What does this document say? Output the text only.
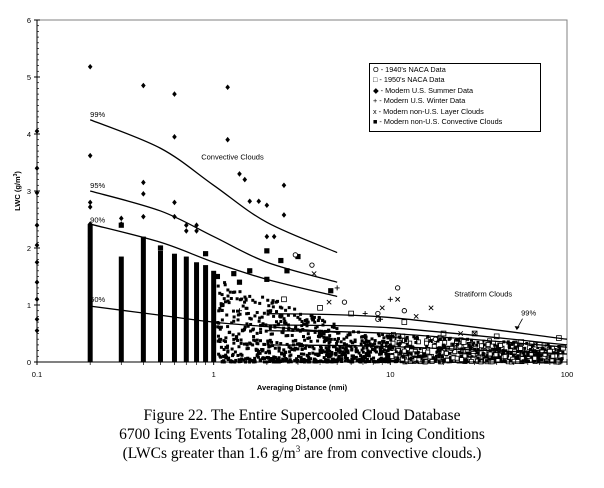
0
1
2
3
4
5
6
0.1	1	10	100
Averaging Distance (nmi)
LWC $(g/m^3)$
Convective Clouds
Stratiform Clouds
99%
95%
90%
50%
99%
O - 1940's NACA Data
□ - 1950's NACA Data
◆ - Modern U.S. Summer Data
+ - Modern U.S. Winter Data
x - Modern non-U.S. Layer Clouds
■ - Modern non-U.S. Convective Clouds
Figure 22. The Entire Supercooled Cloud Database
6700 Icing Events Totaling 28,000 nmi in Icing Conditions
(LWCs greater than 1.6 $g/m^3$ are from convective clouds.)
